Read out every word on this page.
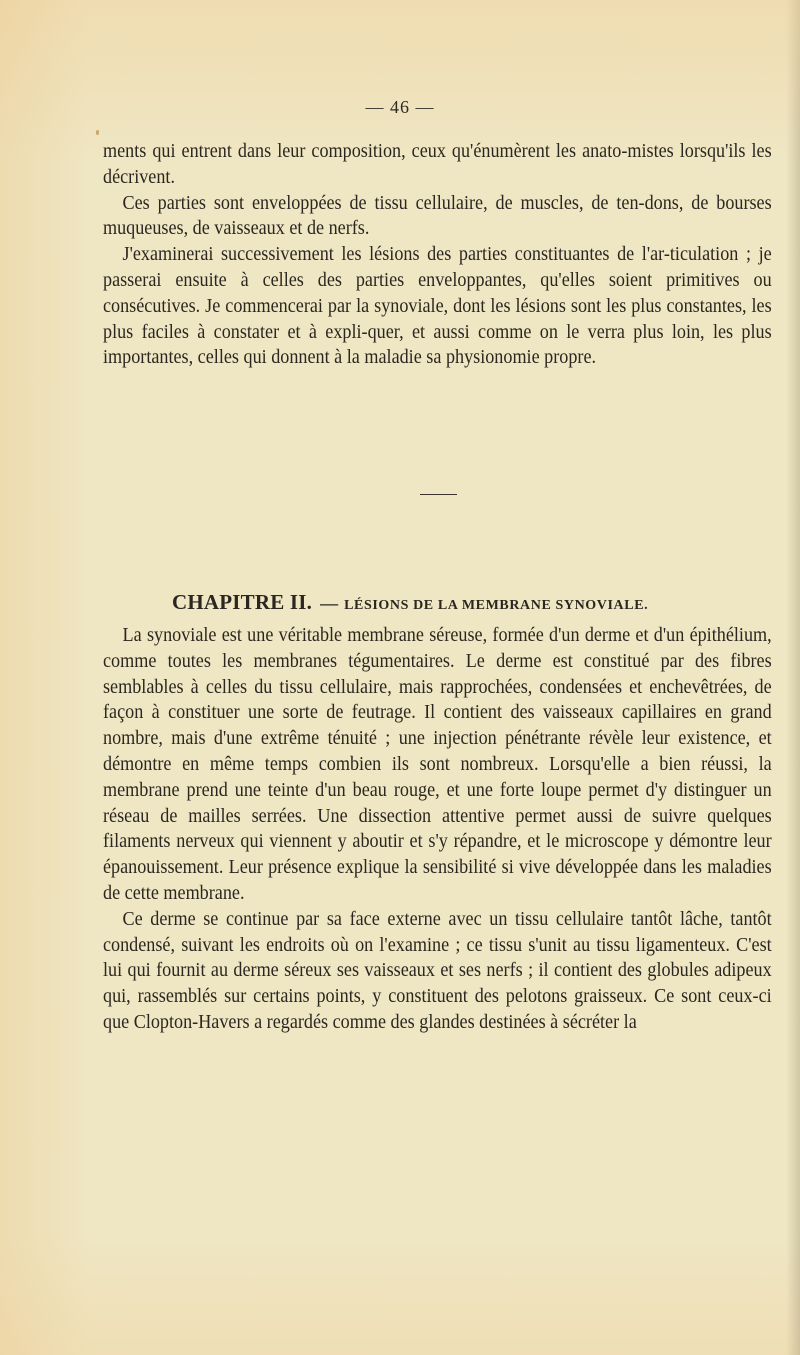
— 46 —

ments qui entrent dans leur composition, ceux qu'énumèrent les anato-mistes lorsqu'ils les décrivent.

Ces parties sont enveloppées de tissu cellulaire, de muscles, de ten-dons, de bourses muqueuses, de vaisseaux et de nerfs.

J'examinerai successivement les lésions des parties constituantes de l'ar-ticulation ; je passerai ensuite à celles des parties enveloppantes, qu'elles soient primitives ou consécutives. Je commencerai par la synoviale, dont les lésions sont les plus constantes, les plus faciles à constater et à expli-quer, et aussi comme on le verra plus loin, les plus importantes, celles qui donnent à la maladie sa physionomie propre.

CHAPITRE II. — LÉSIONS DE LA MEMBRANE SYNOVIALE.

La synoviale est une véritable membrane séreuse, formée d'un derme et d'un épithélium, comme toutes les membranes tégumentaires. Le derme est constitué par des fibres semblables à celles du tissu cellulaire, mais rapprochées, condensées et enchevêtrées, de façon à constituer une sorte de feutrage. Il contient des vaisseaux capillaires en grand nombre, mais d'une extrême ténuité ; une injection pénétrante révèle leur existence, et démontre en même temps combien ils sont nombreux. Lorsqu'elle a bien réussi, la membrane prend une teinte d'un beau rouge, et une forte loupe permet d'y distinguer un réseau de mailles serrées. Une dissection attentive permet aussi de suivre quelques filaments nerveux qui viennent y aboutir et s'y répandre, et le microscope y démontre leur épanouissement. Leur présence explique la sensibilité si vive développée dans les maladies de cette membrane.

Ce derme se continue par sa face externe avec un tissu cellulaire tantôt lâche, tantôt condensé, suivant les endroits où on l'examine ; ce tissu s'unit au tissu ligamenteux. C'est lui qui fournit au derme séreux ses vaisseaux et ses nerfs ; il contient des globules adipeux qui, rassemblés sur certains points, y constituent des pelotons graisseux. Ce sont ceux-ci que Clopton-Havers a regardés comme des glandes destinées à sécréter la
